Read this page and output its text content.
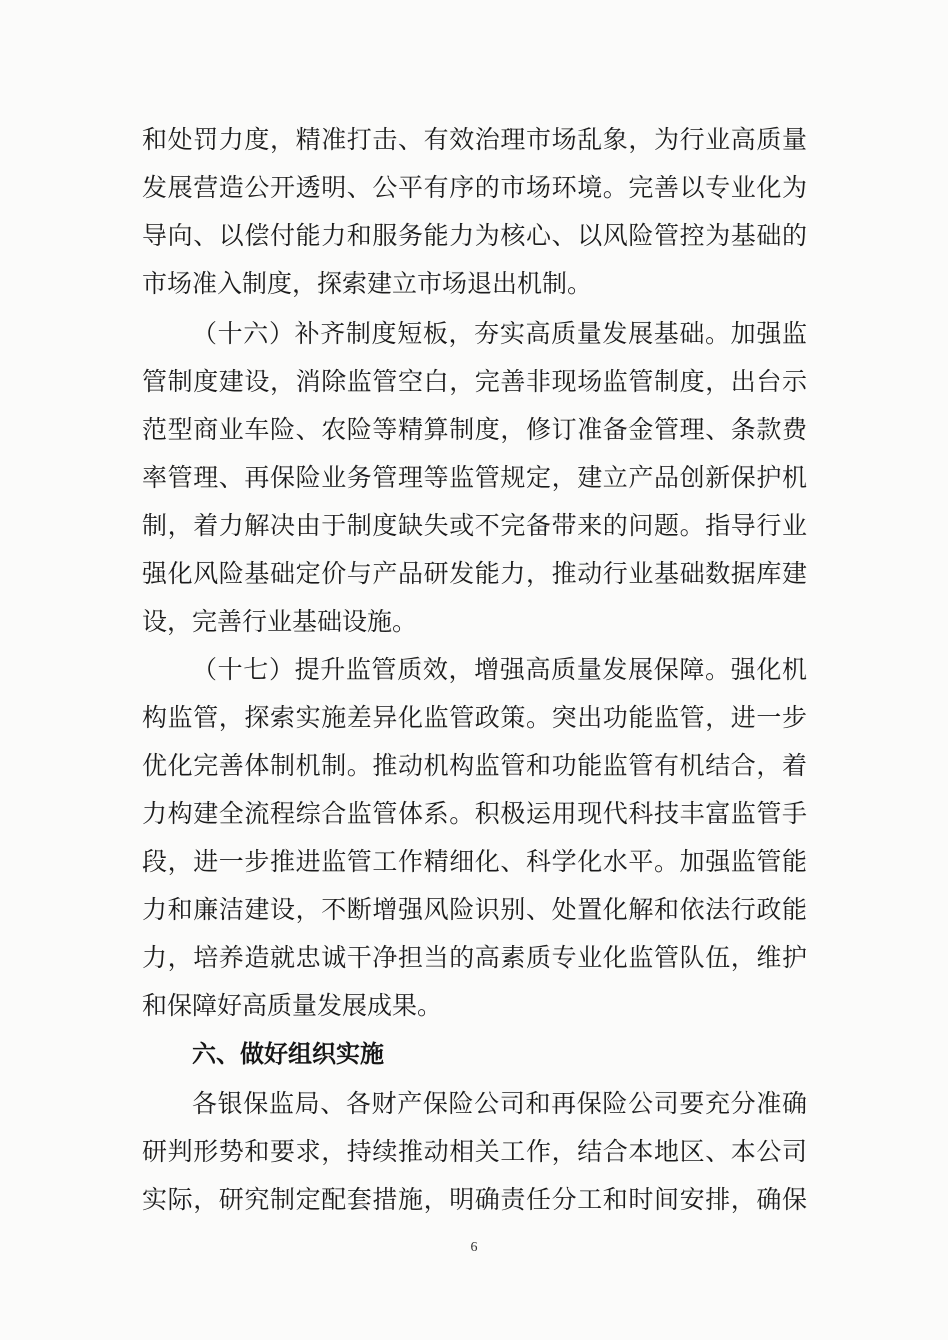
和处罚力度，精准打击、有效治理市场乱象，为行业高质量
发展营造公开透明、公平有序的市场环境。完善以专业化为
导向、以偿付能力和服务能力为核心、以风险管控为基础的
市场准入制度，探索建立市场退出机制。
（十六）补齐制度短板，夯实高质量发展基础。加强监
管制度建设，消除监管空白，完善非现场监管制度，出台示
范型商业车险、农险等精算制度，修订准备金管理、条款费
率管理、再保险业务管理等监管规定，建立产品创新保护机
制，着力解决由于制度缺失或不完备带来的问题。指导行业
强化风险基础定价与产品研发能力，推动行业基础数据库建
设，完善行业基础设施。
（十七）提升监管质效，增强高质量发展保障。强化机
构监管，探索实施差异化监管政策。突出功能监管，进一步
优化完善体制机制。推动机构监管和功能监管有机结合，着
力构建全流程综合监管体系。积极运用现代科技丰富监管手
段，进一步推进监管工作精细化、科学化水平。加强监管能
力和廉洁建设，不断增强风险识别、处置化解和依法行政能
力，培养造就忠诚干净担当的高素质专业化监管队伍，维护
和保障好高质量发展成果。
六、做好组织实施
各银保监局、各财产保险公司和再保险公司要充分准确
研判形势和要求，持续推动相关工作，结合本地区、本公司
实际，研究制定配套措施，明确责任分工和时间安排，确保
6
